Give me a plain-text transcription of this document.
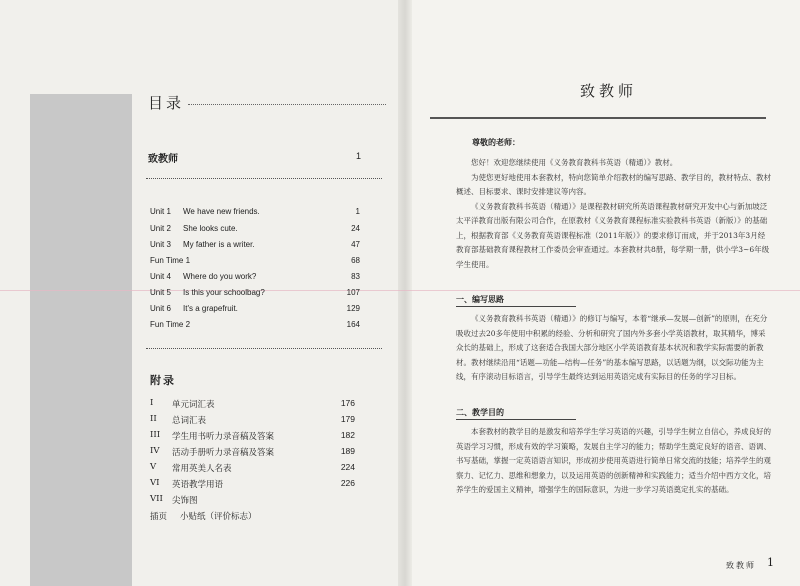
目录
致教师	1
Unit 1 We have new friends.	1
Unit 2 She looks cute.	24
Unit 3 My father is a writer.	47
Fun Time 1	68
Unit 4 Where do you work?	83
Unit 5 Is this your schoolbag?	107
Unit 6 It's a grapefruit.	129
Fun Time 2	164
附录
I	单元词汇表	176
II	总词汇表	179
III	学生用书听力录音稿及答案	182
IV	活动手册听力录音稿及答案	189
V	常用英美人名表	224
VI	英语教学用语	226
VII	尖饰图
插页	小贴纸（评价标志）
致教师
尊敬的老师：

您好！欢迎您继续使用《义务教育教科书英语（精通）》教材。

为使您更好地使用本套教材，特向您简单介绍教材的编写思路、教学目的，教材特点、教材概述、目标要求、课时安排建议等内容。

《义务教育教科书英语（精通）》是课程教材研究所英语课程教材研究开发中心与新加坡泛太平洋教育出版有限公司合作，在原教材《义务教育课程标准实验教科书英语（新版）》的基础上，根据教育部《义务教育英语课程标准（2011年版）》的要求修订而成，并于2013年3月经教育部基础教育课程教材工作委员会审查通过。本套教材共8册，每学期一册，供小学3~6年级学生使用。

一、编写思路

《义务教育教科书英语（精通）》的修订与编写，本着“继承—发展—创新”的原则，在充分吸收过去20多年使用中积累的经验、分析和研究了国内外多套小学英语教材，取其精华，博采众长的基础上，形成了这套适合我国大部分地区小学英语教育基本状况和教学实际需要的新教材。教材继续沿用“话题—功能—结构—任务”的基本编写思路，以话题为纲，以交际功能为主线，有序滚动目标语言，引导学生最终达到运用英语完成有实际目的任务的学习目标。

二、教学目的

本套教材的教学目的是激发和培养学生学习英语的兴趣，引导学生树立自信心，养成良好的英语学习习惯，形成有效的学习策略，发展自主学习的能力；帮助学生奠定良好的语音、语调、书写基础，掌握一定英语语言知识，形成初步使用英语进行简单日常交流的技能；培养学生的观察力、记忆力、思维和想象力，以及运用英语的创新精神和实践能力；适当介绍中西方文化，培养学生的爱国主义精神，增强学生的国际意识，为进一步学习英语奠定扎实的基础。

致教师 1
